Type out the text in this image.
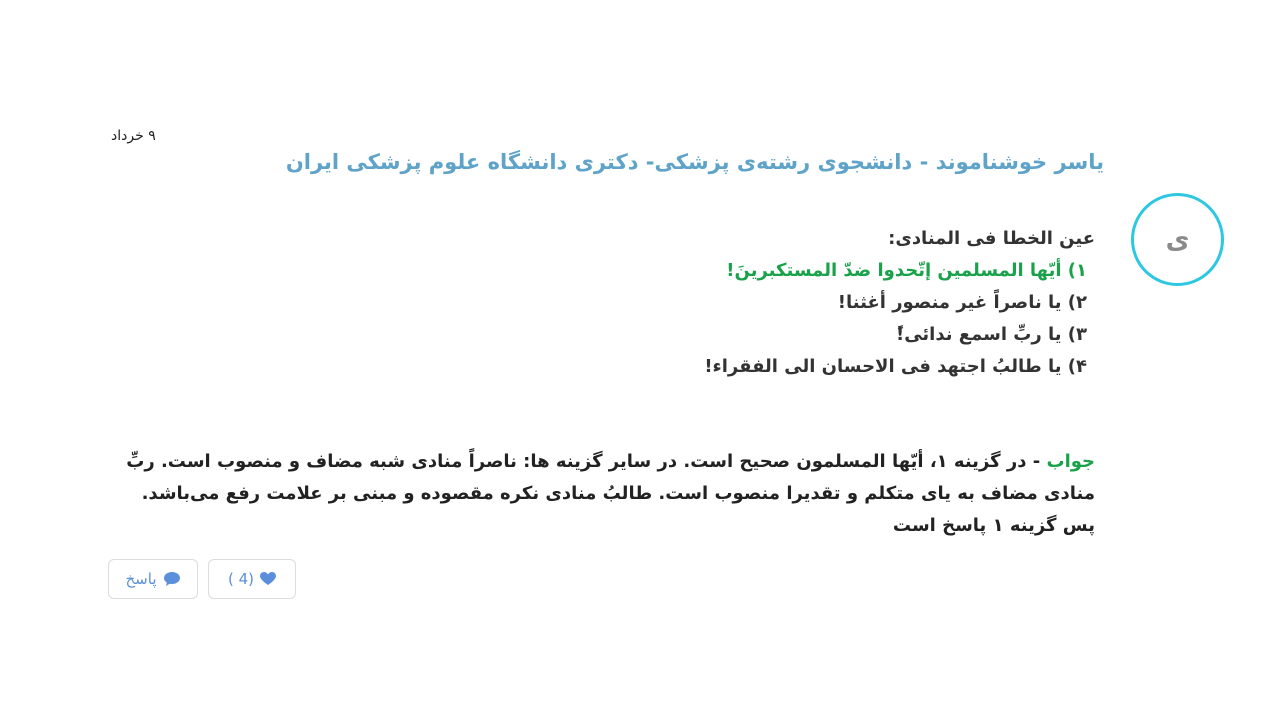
۹ خرداد
یاسر خوشناموند - دانشجوی رشته‌ی پزشکی- دکتری دانشگاه علوم پزشکی ایران
ی
عین الخطا فی المنادی:
۱) أیّها المسلمین إتّحدوا ضدّ المستکبرینَ!
۲) یا ناصراً غیر منصور أغثنا!
۳) یا ربِّ اسمع ندائی!ً
۴) یا طالبُ اجتهد فی الاحسان الی الفقراء!
جواب - در گزینه ۱، أیّها المسلمون صحیح است. در سایر گزینه ها: ناصراً منادی شبه مضاف و منصوب است. ربِّ منادی مضاف به یای متکلم و تقدیرا منصوب است. طالبُ منادی نکره مقصوده و مبنی بر علامت رفع می‌باشد. پس گزینه ۱ پاسخ است
پاسخ	(4 )
